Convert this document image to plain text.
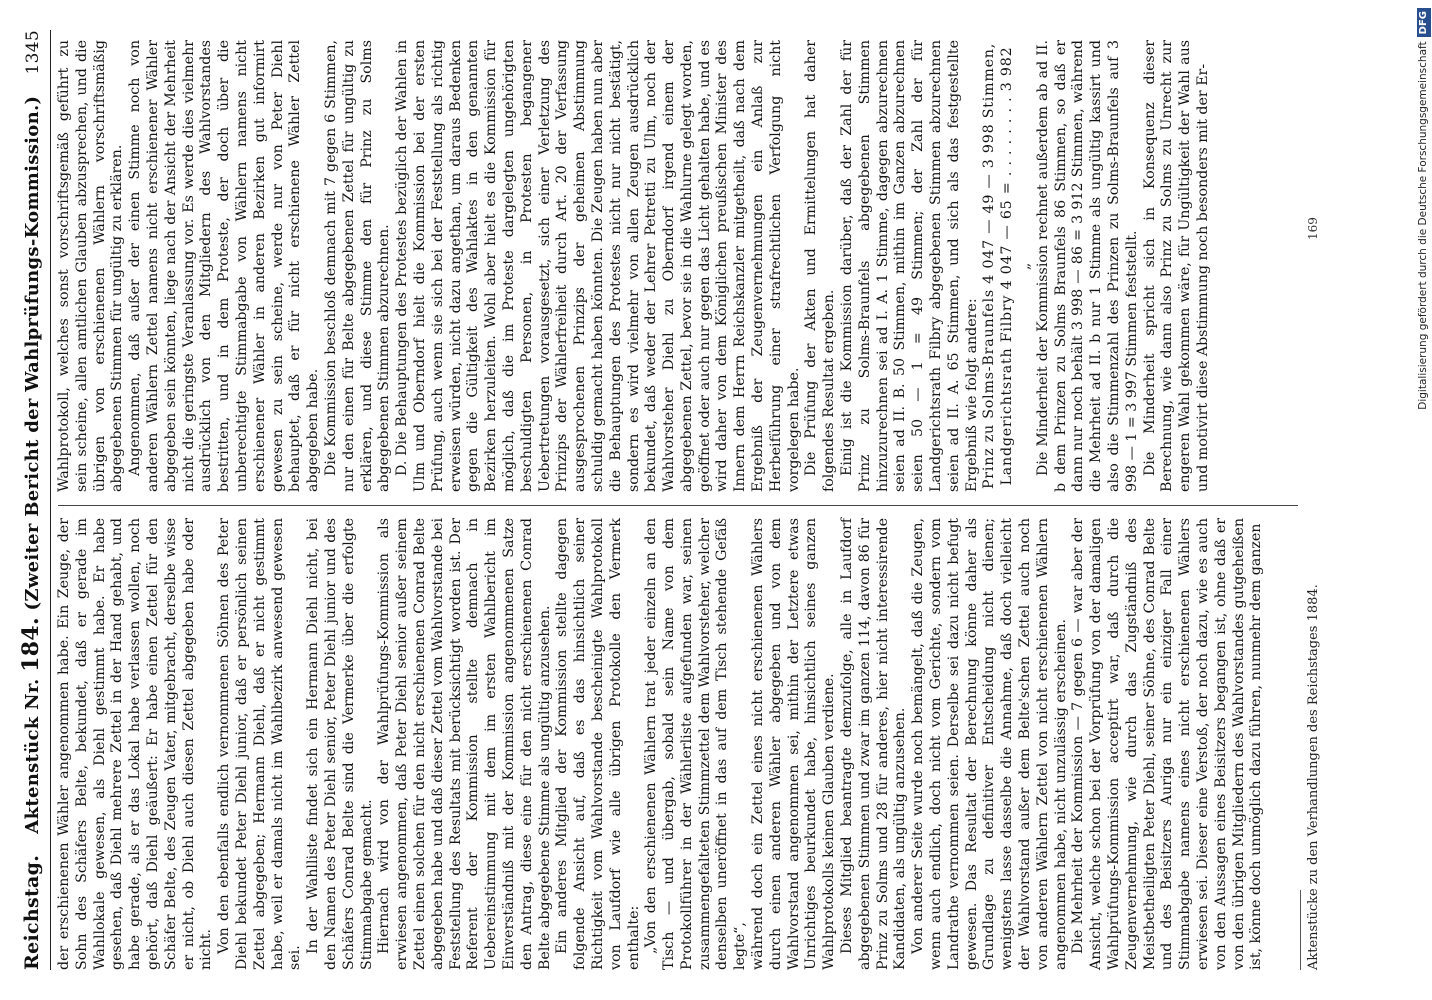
Reichstag.
Aktenstück Nr. 184. (Zweiter Bericht der Wahlprüfungs-Kommission.)
1345

der erschienenen Wähler angenommen habe. Ein Zeuge, der Sohn des Schäfers Belte, bekundet, daß er gerade im Wahllokale gewesen, als Diehl gestimmt habe. Er habe gesehen, daß Diehl mehrere Zettel in der Hand gehabt, und habe gerade, als er das Lokal habe verlassen wollen, noch gehört, daß Diehl geäußert: Er habe einen Zettel für den Schäfer Belte, des Zeugen Vater, mitgebracht, derselbe wisse er nicht, ob Diehl auch diesen Zettel abgegeben habe oder nicht. Von den ebenfalls endlich vernommenen Söhnen des Peter Diehl bekundet Peter Diehl junior, daß er persönlich seinen Zettel abgegeben; Hermann Diehl, daß er nicht gestimmt habe, weil er damals nicht im Wahlbezirk anwesend gewesen sei.

In der Wahlliste findet sich ein Hermann Diehl nicht, bei den Namen des Peter Diehl senior, Peter Diehl junior und des Schäfers Conrad Belte sind die Vermerke über die erfolgte Stimmabgabe gemacht. Hiernach wird von der Wahlprüfungs-Kommission als erwiesen angenommen, daß Peter Diehl senior außer seinem Zettel einen solchen für den nicht erschienenen Conrad Belte abgegeben habe und daß dieser Zettel vom Wahlvorstande bei Feststellung des Resultats mit berücksichtigt worden ist. Der Referent der Kommission stellte demnach in Uebereinstimmung mit dem im ersten Wahlbericht im Einverständniß mit der Kommission angenommenen Satze den Antrag, diese eine für den nicht erschienenen Conrad Belte abgegebene Stimme als ungültig anzusehen. Ein anderes Mitglied der Kommission stellte dagegen folgende Ansicht auf, daß es das hinsichtlich seiner Richtigkeit vom Wahlvorstande bescheinigte Wahlprotokoll von Laufdorf wie alle übrigen Protokolle den Vermerk enthalte: „Von den erschienenen Wählern trat jeder einzeln an den Tisch — und übergab, sobald sein Name von dem Protokollführer in der Wählerliste aufgefunden war, seinen zusammengefalteten Stimmzettel dem Wahlvorsteher, welcher denselben uneröffnet in das auf dem Tisch stehende Gefäß legte“, während doch ein Zettel eines nicht erschienenen Wählers durch einen anderen Wähler abgegeben und von dem Wahlvorstand angenommen sei, mithin der Letztere etwas Unrichtiges beurkundet habe, hinsichtlich seines ganzen Wahlprotokolls keinen Glauben verdiene. Dieses Mitglied beantragte demzufolge, alle in Laufdorf abgegebenen Stimmen und zwar im ganzen 114, davon 86 für Prinz zu Solms und 28 für anderes, hier nicht interessirende Kandidaten, als ungültig anzusehen. Von anderer Seite wurde noch bemängelt, daß die Zeugen, wenn auch endlich, doch nicht vom Gerichte, sondern vom Landrathe vernommen seien. Derselbe sei dazu nicht befugt gewesen. Das Resultat der Berechnung könne daher als Grundlage zu definitiver Entscheidung nicht dienen; wenigstens lasse dasselbe die Annahme, daß doch vielleicht der Wahlvorstand außer dem Belte'schen Zettel auch noch von anderen Wählern Zettel von nicht erschienenen Wählern angenommen habe, nicht unzulässig erscheinen. Die Mehrheit der Kommission — 7 gegen 6 — war aber der Ansicht, welche schon bei der Vorprüfung von der damaligen Wahlprüfungs-Kommission acceptirt war, daß durch die Zeugenvernehmung, wie durch das Zugständniß des Meistbetheiligten Peter Diehl, seiner Söhne, des Conrad Belte und des Beisitzers Auriga nur ein einziger Fall einer Stimmabgabe namens eines nicht erschienenen Wählers erwiesen sei. Dieser eine Verstoß, der noch dazu, wie es auch von den Aussagen eines Beisitzers begangen ist, ohne daß er von den übrigen Mitgliedern des Wahlvorstandes gutgeheißen ist, könne doch unmöglich dazu führen, nunmehr dem ganzen

Wahlprotokoll, welches sonst vorschriftsgemäß geführt zu sein scheine, allen amtlichen Glauben abzusprechen, und die übrigen von erschienenen Wählern vorschriftsmäßig abgegebenen Stimmen für ungültig zu erklären. Angenommen, daß außer der einen Stimme noch von anderen Wählern Zettel namens nicht erschienener Wähler abgegeben sein könnten, liege nach der Ansicht der Mehrheit nicht die geringste Veranlassung vor. Es werde dies vielmehr ausdrücklich von den Mitgliedern des Wahlvorstandes bestritten, und in dem Proteste, der doch über die unberechtigte Stimmabgabe von Wählern namens nicht erschienener Wähler in anderen Bezirken gut informirt gewesen zu sein scheine, werde nur von Peter Diehl behauptet, daß er für nicht erschienene Wähler Zettel abgegeben habe. Die Kommission beschloß demnach mit 7 gegen 6 Stimmen, nur den einen für Belte abgegebenen Zettel für ungültig zu erklären, und diese Stimme den für Prinz zu Solms abgegebenen Stimmen abzurechnen. D. Die Behauptungen des Protestes bezüglich der Wahlen in Ulm und Oberndorf hielt die Kommission bei der ersten Prüfung, auch wenn sie sich bei der Feststellung als richtig erweisen würden, nicht dazu angethan, um daraus Bedenken gegen die Gültigkeit des Wahlaktes in den genannten Bezirken herzuleiten. Wohl aber hielt es die Kommission für möglich, daß die im Proteste dargelegten ungehörigten beschuldigten Personen, in Protesten begangener Uebertretungen vorausgesetzt, sich einer Verletzung des Prinzips der Wählerfreiheit durch Art. 20 der Verfassung ausgesprochenen Prinzips der geheimen Abstimmung schuldig gemacht haben könnten. Die Zeugen haben nun aber die Behauptungen des Protestes nicht nur nicht bestätigt, sondern es wird vielmehr von allen Zeugen ausdrücklich bekundet, daß weder der Lehrer Petretti zu Ulm, noch der Wahlvorsteher Diehl zu Oberndorf irgend einem der abgegebenen Zettel, bevor sie in die Wahlurne gelegt worden, geöffnet oder auch nur gegen das Licht gehalten habe, und es wird daher von dem Königlichen preußischen Minister des Innern dem Herrn Reichskanzler mitgetheilt, daß nach dem Ergebniß der Zeugenvernehmungen ein Anlaß zur Herbeiführung einer strafrechtlichen Verfolgung nicht vorgelegen habe. Die Prüfung der Akten und Ermittelungen hat daher folgendes Resultat ergeben. Einig ist die Kommission darüber, daß der Zahl der für Prinz zu Solms-Braunfels abgegebenen Stimmen hinzuzurechnen sei ad I. A. 1 Stimme, dagegen abzurechnen seien ad II. B. 50 Stimmen, mithin im Ganzen abzurechnen seien 50 — 1 = 49 Stimmen; der Zahl der für Landgerichtsrath Filbry abgegebenen Stimmen abzurechnen seien ad II. A. 65 Stimmen, und sich als das festgestellte Ergebniß wie folgt andere: Prinz zu Solms-Braunfels 4 047 — 49 — 3 998 Stimmen, Landgerichtsrath Filbry 4 047 — 65 = . . . . . . . . 3 982 „ Die Minderheit der Kommission rechnet außerdem ab ad II. b dem Prinzen zu Solms Braunfels 86 Stimmen, so daß er dann nur noch behält 3 998 — 86 = 3 912 Stimmen, während die Mehrheit ad II. b nur 1 Stimme als ungültig kassirt und also die Stimmenzahl des Prinzen zu Solms-Braunfels auf 3 998 — 1 = 3 997 Stimmen feststellt. Die Minderheit spricht sich in Konsequenz dieser Berechnung, wie dann also Prinz zu Solms zu Unrecht zur engeren Wahl gekommen wäre, für Ungültigkeit der Wahl aus und motivirt diese Abstimmung noch besonders mit der Er-

Aktenstücke zu den Verhandlungen des Reichstages 1884.
169	Digitalisierung gefördert durch die Deutsche ForschungsgemeinschaftDFG
